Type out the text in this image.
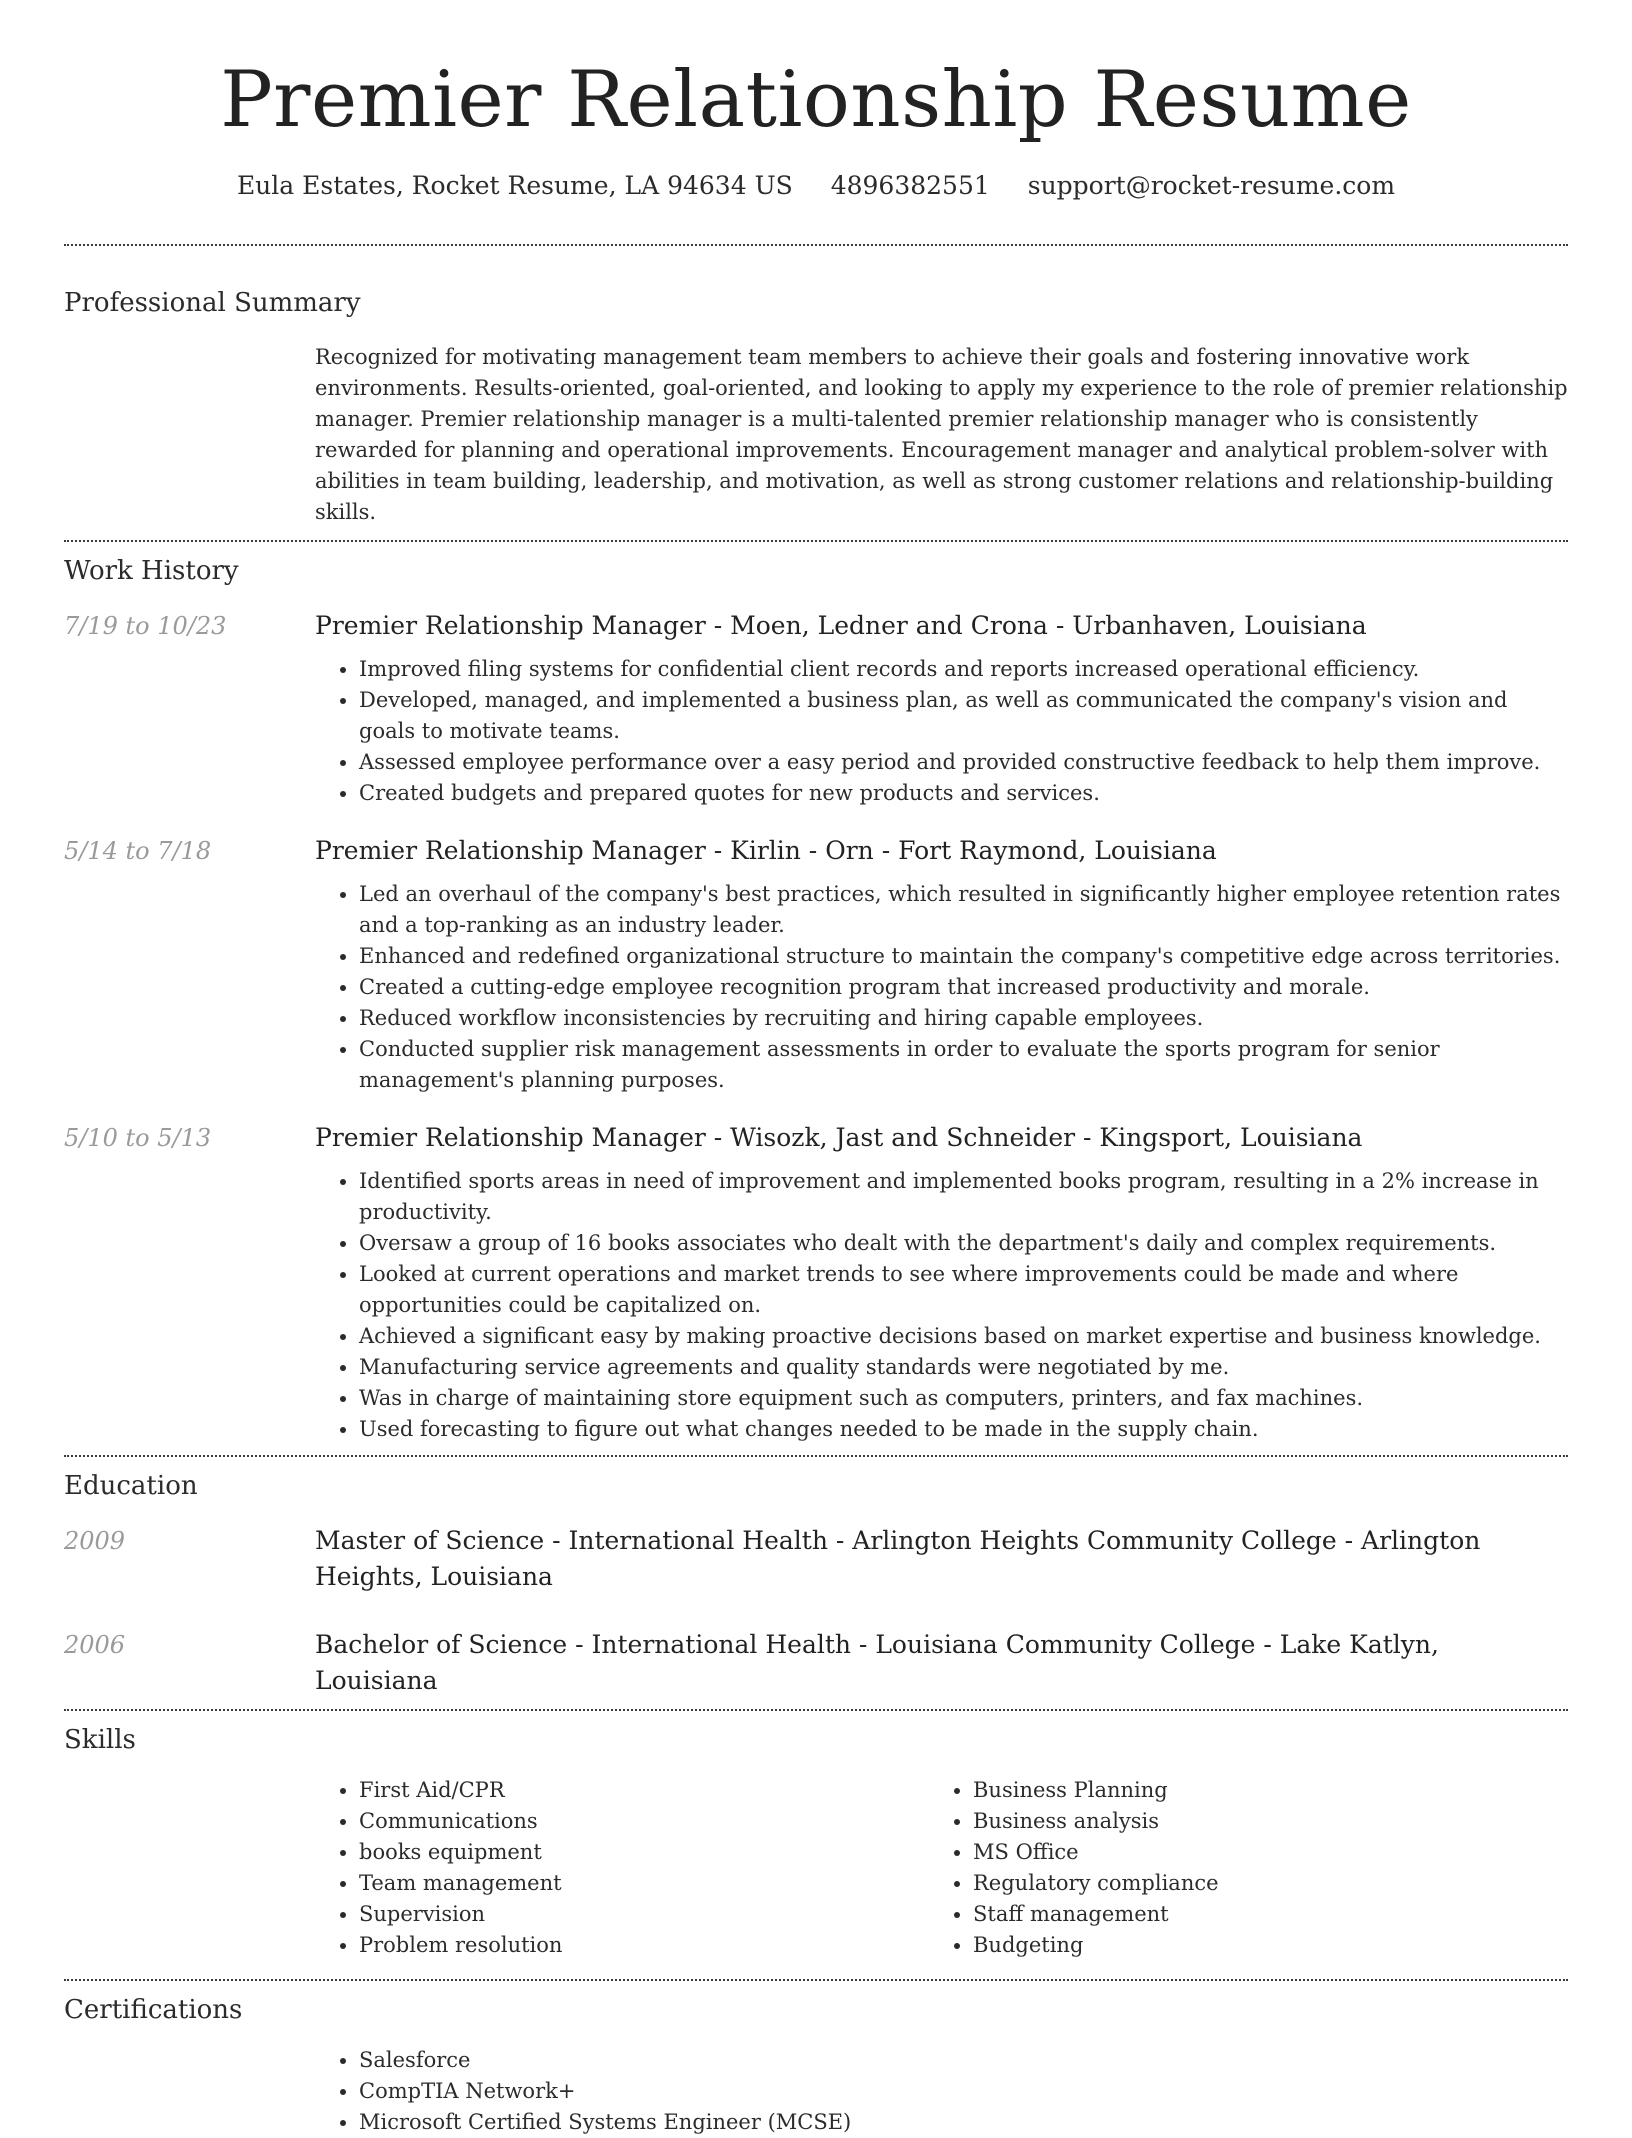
Premier Relationship Resume
Eula Estates, Rocket Resume, LA 94634 US 4896382551 support@rocket-resume.com
Professional Summary
Recognized for motivating management team members to achieve their goals and fostering innovative work environments. Results-oriented, goal-oriented, and looking to apply my experience to the role of premier relationship manager. Premier relationship manager is a multi-talented premier relationship manager who is consistently rewarded for planning and operational improvements. Encouragement manager and analytical problem-solver with abilities in team building, leadership, and motivation, as well as strong customer relations and relationship-building skills.
Work History
7/19 to 10/23	Premier Relationship Manager - Moen, Ledner and Crona - Urbanhaven, Louisiana
• Improved filing systems for confidential client records and reports increased operational efficiency.
• Developed, managed, and implemented a business plan, as well as communicated the company's vision and goals to motivate teams.
• Assessed employee performance over a easy period and provided constructive feedback to help them improve.
• Created budgets and prepared quotes for new products and services.
5/14 to 7/18	Premier Relationship Manager - Kirlin - Orn - Fort Raymond, Louisiana
• Led an overhaul of the company's best practices, which resulted in significantly higher employee retention rates and a top-ranking as an industry leader.
• Enhanced and redefined organizational structure to maintain the company's competitive edge across territories.
• Created a cutting-edge employee recognition program that increased productivity and morale.
• Reduced workflow inconsistencies by recruiting and hiring capable employees.
• Conducted supplier risk management assessments in order to evaluate the sports program for senior management's planning purposes.
5/10 to 5/13	Premier Relationship Manager - Wisozk, Jast and Schneider - Kingsport, Louisiana
• Identified sports areas in need of improvement and implemented books program, resulting in a 2% increase in productivity.
• Oversaw a group of 16 books associates who dealt with the department's daily and complex requirements.
• Looked at current operations and market trends to see where improvements could be made and where opportunities could be capitalized on.
• Achieved a significant easy by making proactive decisions based on market expertise and business knowledge.
• Manufacturing service agreements and quality standards were negotiated by me.
• Was in charge of maintaining store equipment such as computers, printers, and fax machines.
• Used forecasting to figure out what changes needed to be made in the supply chain.
Education
2009	Master of Science - International Health - Arlington Heights Community College - Arlington Heights, Louisiana
2006	Bachelor of Science - International Health - Louisiana Community College - Lake Katlyn, Louisiana
Skills
• First Aid/CPR
• Communications
• books equipment
• Team management
• Supervision
• Problem resolution
• Business Planning
• Business analysis
• MS Office
• Regulatory compliance
• Staff management
• Budgeting
Certifications
• Salesforce
• CompTIA Network+
• Microsoft Certified Systems Engineer (MCSE)
